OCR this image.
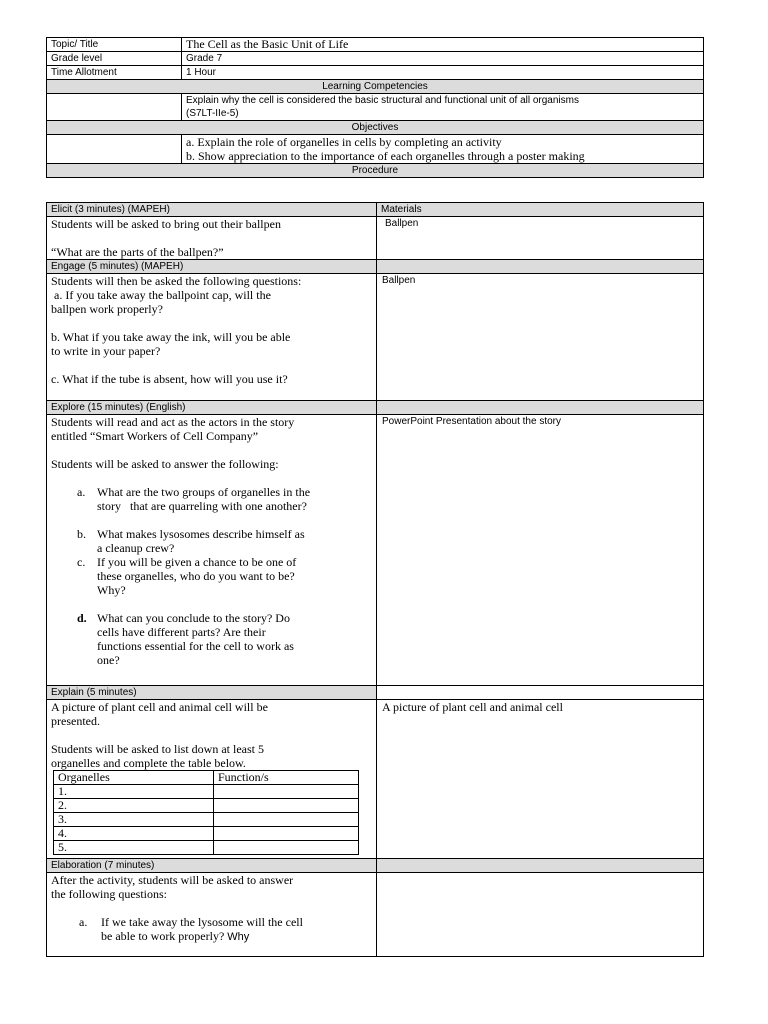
Topic/ Title	The Cell as the Basic Unit of Life
Grade level	Grade 7
Time Allotment	1 Hour
Learning Competencies	

	Explain why the cell is considered the basic structural and functional unit of all organisms
(S7LT-IIe-5)

Objectives	

	a. Explain the role of organelles in cells by completing an activity
b. Show appreciation to the importance of each organelles through a poster making

Procedure	
Elicit (3 minutes) (MAPEH)	Materials

Students will be asked to bring out their ballpen

“What are the parts of the ballpen?”

	Ballpen
Engage (5 minutes) (MAPEH)	

Students will then be asked the following questions:

a. If you take away the ballpoint cap, will the

ballpen work properly?

b. What if you take away the ink, will you be able

to write in your paper?

c. What if the tube is absent, how will you use it?

	Ballpen
Explore (15 minutes) (English)	

Students will read and act as the actors in the story

entitled “Smart Workers of Cell Company”

Students will be asked to answer the following:

a. What are the two groups of organelles in the
story   that are quarreling with one another?
b. What makes lysosomes describe himself as
a cleanup crew?
c. If you will be given a chance to be one of
these organelles, who do you want to be?
Why?
d. What can you conclude to the story? Do
cells have different parts? Are their
functions essential for the cell to work as
one?
	PowerPoint Presentation about the story
Explain (5 minutes)	

A picture of plant cell and animal cell will be

presented.

Students will be asked to list down at least 5

organelles and complete the table below.

Organelles	Function/s
1.	
2.	
3.	
4.	
5.	
	A picture of plant cell and animal cell
Elaboration (7 minutes)	

After the activity, students will be asked to answer

the following questions:

a. If we take away the lysosome will the cell
be able to work properly? Why
